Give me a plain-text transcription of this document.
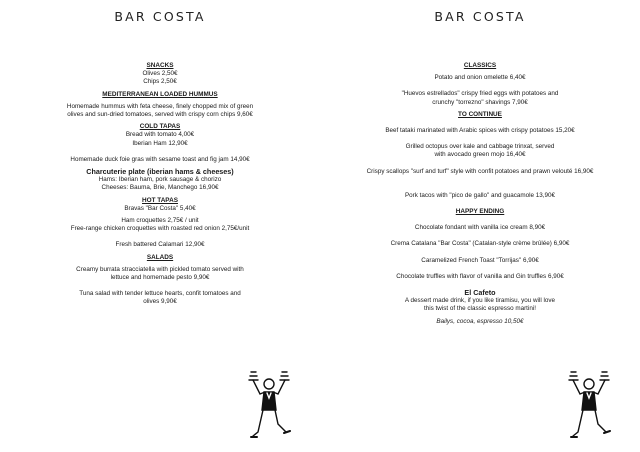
BAR COSTA
SNACKS
Olives 2,50€
Chips 2,50€
MEDITERRANEAN LOADED HUMMUS
Homemade hummus with feta cheese, finely chopped mix of green
olives and sun-dried tomatoes, served with crispy corn chips 9,60€
COLD TAPAS
Bread with tomato 4,00€
Iberian Ham 12,90€
Homemade duck foie gras with sesame toast and fig jam 14,90€
Charcuterie plate (iberian hams & cheeses)
Hams: Iberian ham, pork sausage & chorizo
Cheeses: Bauma, Brie, Manchego 16,90€
HOT TAPAS
Bravas "Bar Costa" 5,40€
Ham croquettes 2,75€ / unit
Free-range chicken croquettes with roasted red onion 2,75€/unit
Fresh battered Calamari 12,90€
SALADS
Creamy burrata stracciatella with pickled tomato served with
lettuce and homemade pesto 9,90€
Tuna salad with tender lettuce hearts, confit tomatoes and
olives 9,90€
BAR COSTA
CLASSICS
Potato and onion omelette 6,40€
"Huevos estrellados" crispy fried eggs with potatoes and
crunchy "torrezno" shavings 7,90€
TO CONTINUE
Beef tataki marinated with Arabic spices with crispy potatoes 15,20€
Grilled octopus over kale and cabbage trinxat, served
with avocado green mojo 16,40€
Crispy scallops "surf and turf" style with confit potatoes and prawn velouté 16,90€
Pork tacos with "pico de gallo" and guacamole 13,90€
HAPPY ENDING
Chocolate fondant with vanilla ice cream 8,90€
Crema Catalana "Bar Costa" (Catalan-style crème brûlée) 6,90€
Caramelized French Toast "Torrijas" 6,90€
Chocolate truffles with flavor of vanilla and Gin truffles 6,90€
El Cafeto
A dessert made drink, if you like tiramisu, you will love
this twist of the classic espresso martini!
Bailys, cocoa, espresso 10,50€
